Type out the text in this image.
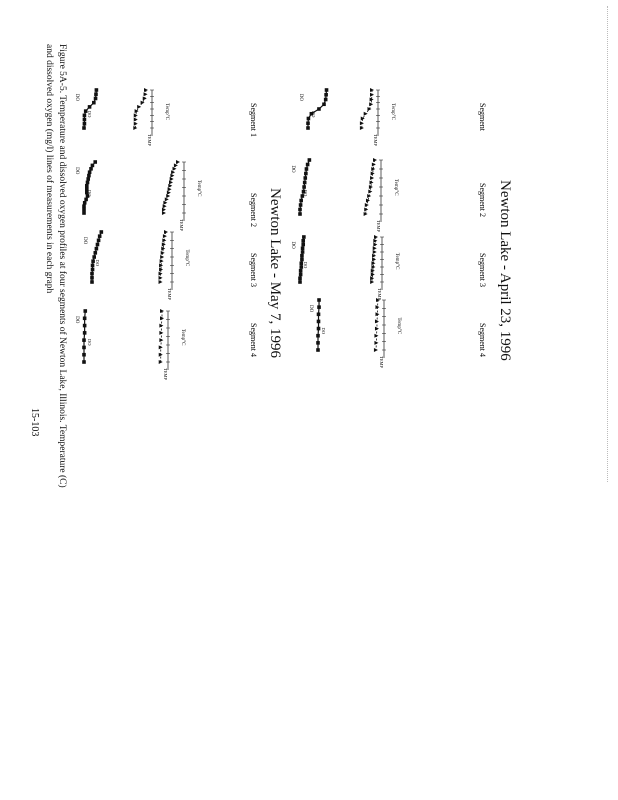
Newton Lake - April 23, 1996
Newton Lake - May 7, 1996
Figure 5A-5. Temperature and dissolved oxygen profiles at four segments of Newton Lake, Illinois. Temperature (C)
and dissolved oxygen (mg/l) lines of measurements in each graph
15-103
Segment
Temp°C
DO
TEMP
DO
Segment 2
Temp°C
DO
TEMP
DO
Segment 3
Temp°C
DO
TEMP
DO
Segment 4
Temp°C
DO
TEMP
DO
Segment 1
Temp°C
DO
TEMP
DO
Segment 2
Temp°C
DO
TEMP
DO
Segment 3
Temp°C
DO
TEMP
DO
Segment 4
Temp°C
DO
TEMP
DO
